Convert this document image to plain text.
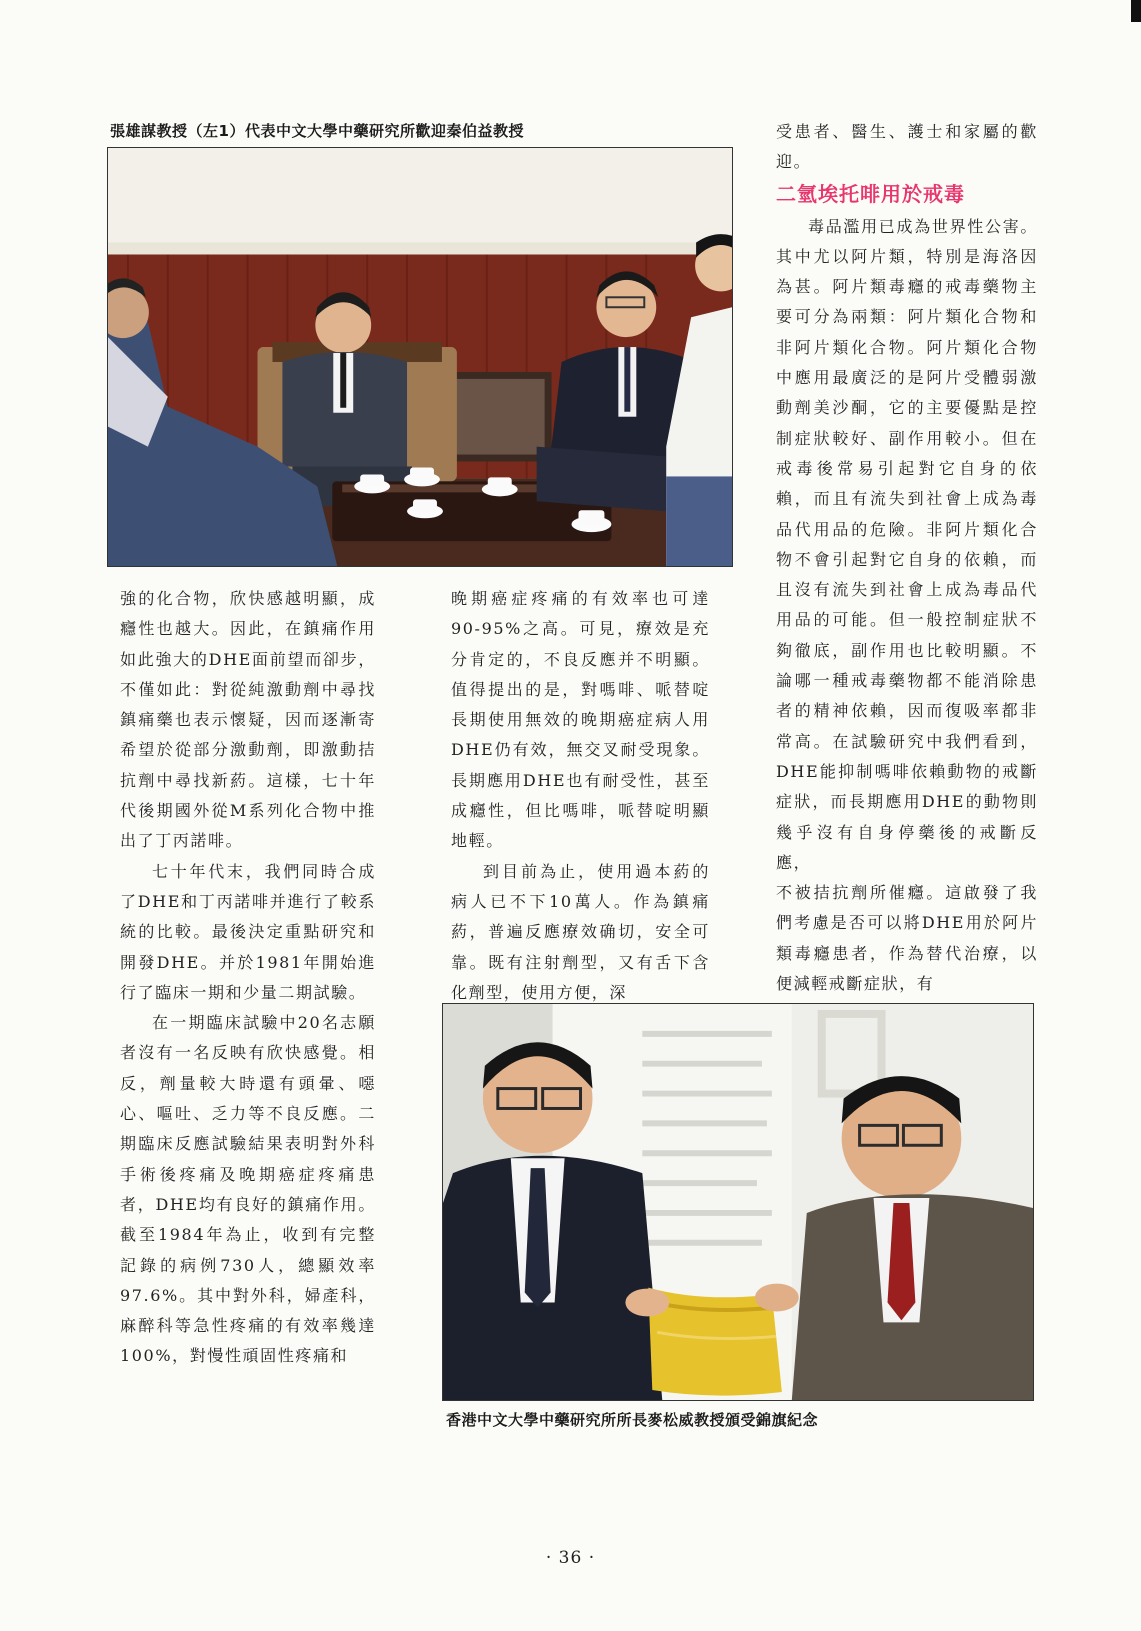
張雄謀教授（左1）代表中文大學中藥研究所歡迎秦伯益教授	受患者、醫生、護士和家屬的歡迎。

二氫埃托啡用於戒毒

毒品濫用已成為世界性公害。其中尤以阿片類，特別是海洛因為甚。阿片類毒癮的戒毒藥物主要可分為兩類：阿片類化合物和非阿片類化合物。阿片類化合物中應用最廣泛的是阿片受體弱激動劑美沙酮，它的主要優點是控制症狀較好、副作用較小。但在戒毒後常易引起對它自身的依賴，而且有流失到社會上成為毒品代用品的危險。非阿片類化合物不會引起對它自身的依賴，而且沒有流失到社會上成為毒品代用品的可能。但一般控制症狀不夠徹底，副作用也比較明顯。不論哪一種戒毒藥物都不能消除患者的精神依賴，因而復吸率都非常高。在試驗研究中我們看到，DHE能抑制嗎啡依賴動物的戒斷症狀，而長期應用DHE的動物則幾乎沒有自身停藥後的戒斷反應，

不被拮抗劑所催癮。這啟發了我們考慮是否可以將DHE用於阿片類毒癮患者，作為替代治療，以便減輕戒斷症狀，有

強的化合物，欣快感越明顯，成癮性也越大。因此，在鎮痛作用如此強大的DHE面前望而卻步，不僅如此：對從純激動劑中尋找鎮痛藥也表示懷疑，因而逐漸寄希望於從部分激動劑，即激動拮抗劑中尋找新葯。這樣，七十年代後期國外從M系列化合物中推出了丁丙諾啡。

七十年代末，我們同時合成了DHE和丁丙諾啡并進行了較系統的比較。最後決定重點研究和開發DHE。并於1981年開始進行了臨床一期和少量二期試驗。

在一期臨床試驗中20名志願者沒有一名反映有欣快感覺。相反，劑量較大時還有頭暈、噁心、嘔吐、乏力等不良反應。二期臨床反應試驗結果表明對外科手術後疼痛及晚期癌症疼痛患者，DHE均有良好的鎮痛作用。截至1984年為止，收到有完整記錄的病例730人，總顯效率97.6%。其中對外科，婦產科，麻醉科等急性疼痛的有效率幾達100%，對慢性頑固性疼痛和

晚期癌症疼痛的有效率也可達90-95%之高。可見，療效是充分肯定的，不良反應并不明顯。值得提出的是，對嗎啡、哌替啶長期使用無效的晚期癌症病人用DHE仍有效，無交叉耐受現象。長期應用DHE也有耐受性，甚至成癮性，但比嗎啡，哌替啶明顯地輕。

到目前為止，使用過本葯的病人已不下10萬人。作為鎮痛葯，普遍反應療效确切，安全可靠。既有注射劑型，又有舌下含化劑型，使用方便，深

香港中文大學中藥研究所所長麥松威教授頒受錦旗紀念
· 36 ·
